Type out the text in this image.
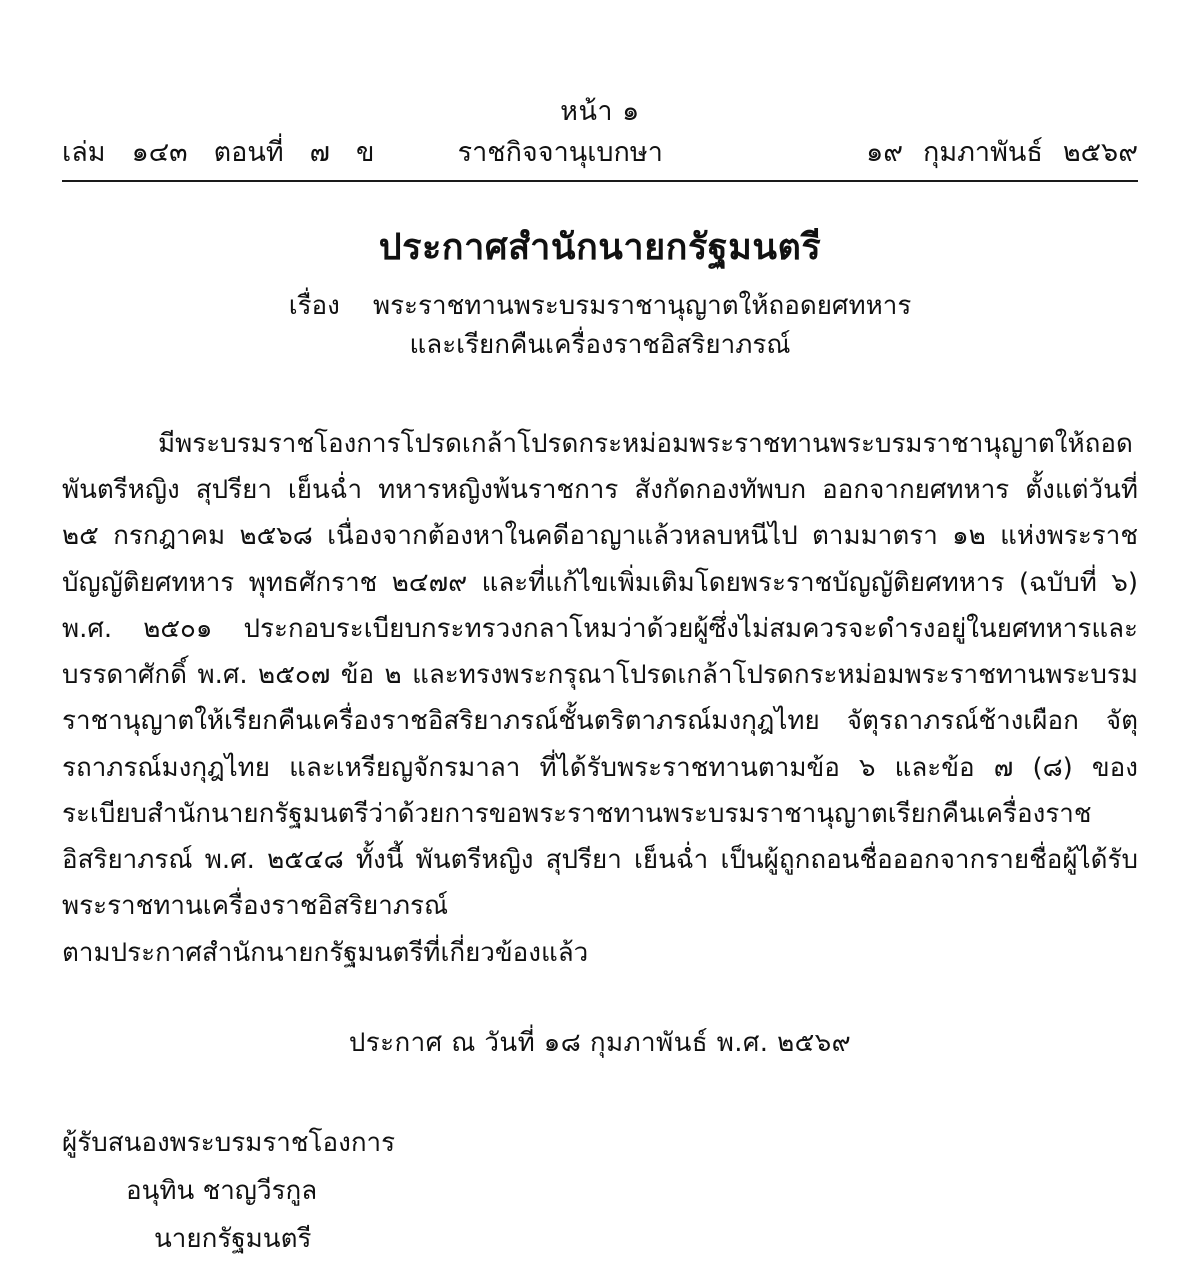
หน้า ๑
เล่ม ๑๔๓ ตอนที่ ๗ ข	ราชกิจจานุเบกษา	๑๙ กุมภาพันธ์ ๒๕๖๙
ประกาศสำนักนายกรัฐมนตรี
เรื่อง พระราชทานพระบรมราชานุญาตให้ถอดยศทหาร
และเรียกคืนเครื่องราชอิสริยาภรณ์
มีพระบรมราชโองการโปรดเกล้าโปรดกระหม่อมพระราชทานพระบรมราชานุญาตให้ถอด พันตรีหญิง สุปรียา เย็นฉ่ำ ทหารหญิงพ้นราชการ สังกัดกองทัพบก ออกจากยศทหาร ตั้งแต่วันที่ ๒๕ กรกฎาคม ๒๕๖๘ เนื่องจากต้องหาในคดีอาญาแล้วหลบหนีไป ตามมาตรา ๑๒ แห่งพระราชบัญญัติยศทหาร พุทธศักราช ๒๔๗๙ และที่แก้ไขเพิ่มเติมโดยพระราชบัญญัติยศทหาร (ฉบับที่ ๖) พ.ศ. ๒๕๐๑ ประกอบระเบียบกระทรวงกลาโหมว่าด้วยผู้ซึ่งไม่สมควรจะดำรงอยู่ในยศทหารและบรรดาศักดิ์ พ.ศ. ๒๕๐๗ ข้อ ๒ และทรงพระกรุณาโปรดเกล้าโปรดกระหม่อมพระราชทานพระบรมราชานุญาตให้เรียกคืนเครื่องราชอิสริยาภรณ์ชั้นตริตาภรณ์มงกุฎไทย จัตุรถาภรณ์ช้างเผือก จัตุรถาภรณ์มงกุฎไทย และเหรียญจักรมาลา ที่ได้รับพระราชทานตามข้อ ๖ และข้อ ๗ (๘) ของระเบียบสำนักนายกรัฐมนตรีว่าด้วยการขอพระราชทานพระบรมราชานุญาตเรียกคืนเครื่องราชอิสริยาภรณ์ พ.ศ. ๒๕๔๘ ทั้งนี้ พันตรีหญิง สุปรียา เย็นฉ่ำ เป็นผู้ถูกถอนชื่อออกจากรายชื่อผู้ได้รับพระราชทานเครื่องราชอิสริยาภรณ์
ตามประกาศสำนักนายกรัฐมนตรีที่เกี่ยวข้องแล้ว
ประกาศ ณ วันที่ ๑๘ กุมภาพันธ์ พ.ศ. ๒๕๖๙
ผู้รับสนองพระบรมราชโองการ
อนุทิน ชาญวีรกูล
นายกรัฐมนตรี
